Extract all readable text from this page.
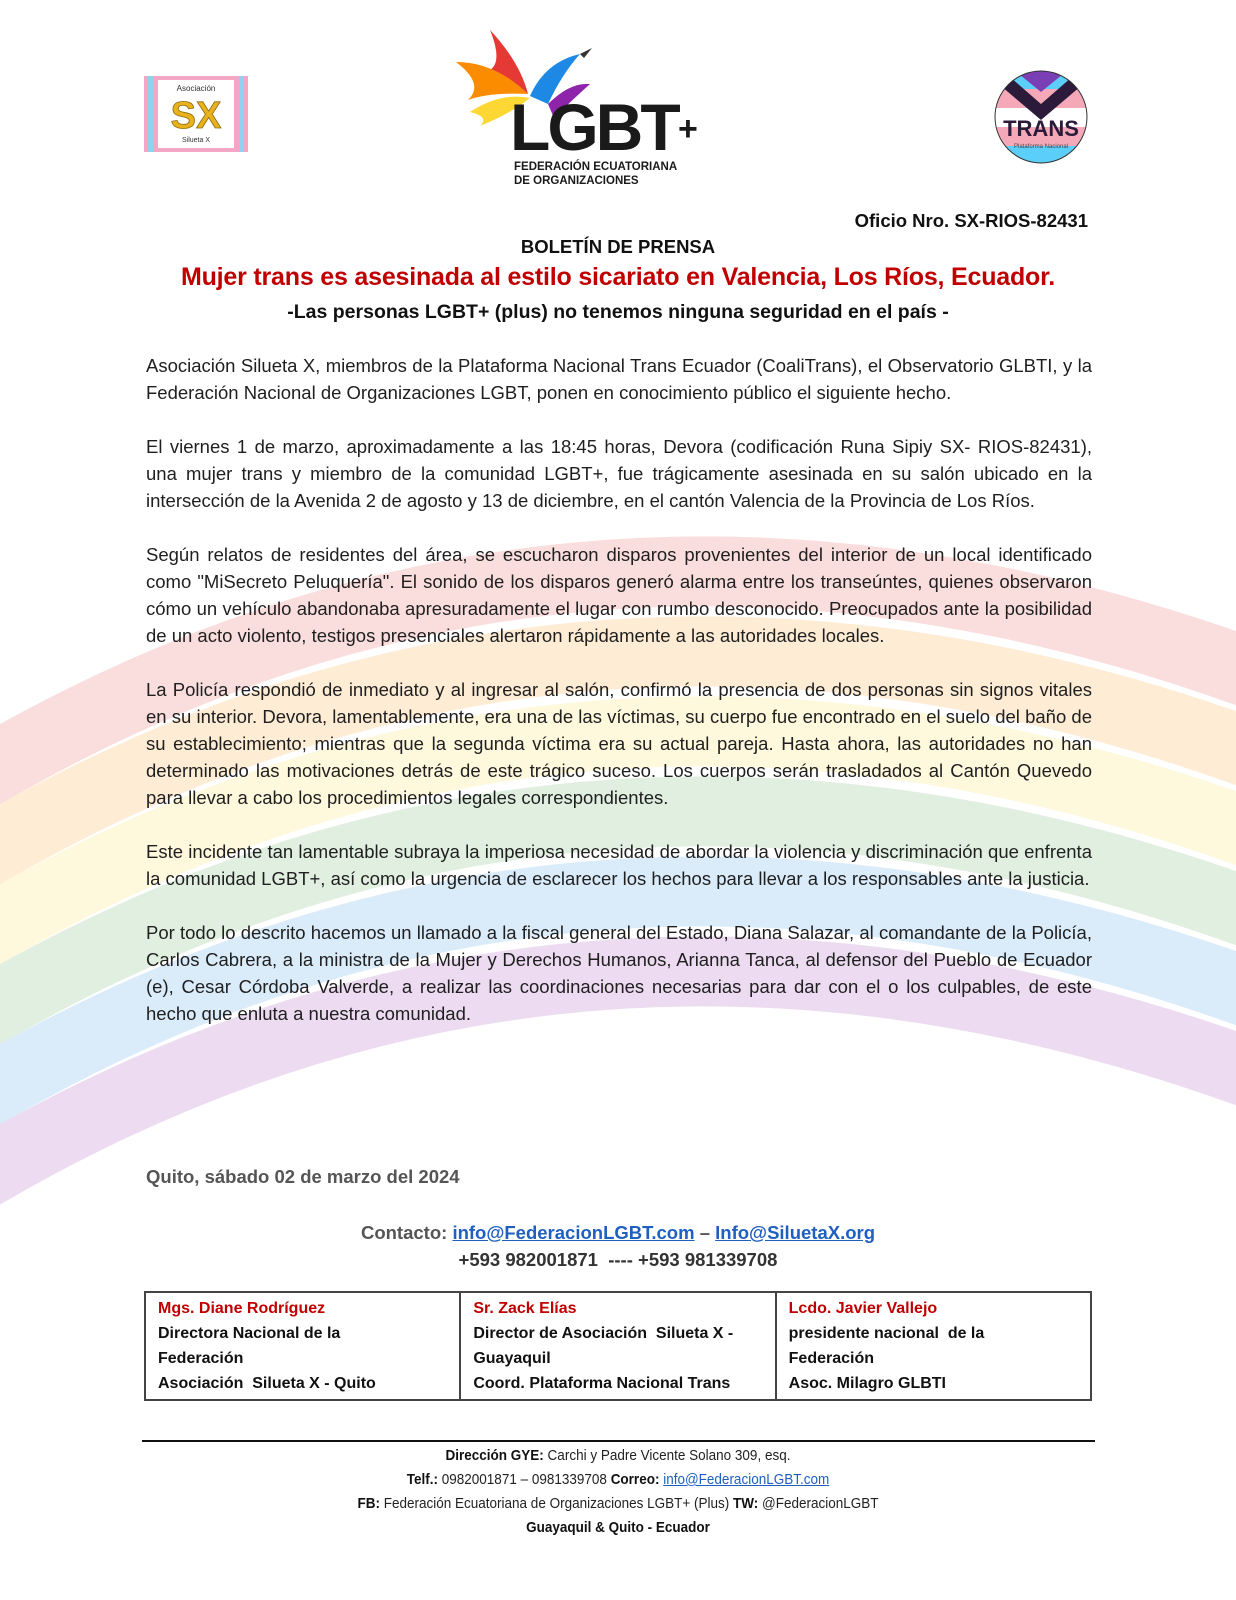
Asociación
SX
Silueta X	LGBT +
FEDERACIÓN ECUATORIANA
DE ORGANIZACIONES
TRANS
Plataforma Nacional
Oficio Nro. SX-RIOS-82431
BOLETÍN DE PRENSA
Mujer trans es asesinada al estilo sicariato en Valencia, Los Ríos, Ecuador.
-Las personas LGBT+ (plus) no tenemos ninguna seguridad en el país -

Asociación Silueta X, miembros de la Plataforma Nacional Trans Ecuador (CoaliTrans), el Observatorio GLBTI, y la Federación Nacional de Organizaciones LGBT, ponen en conocimiento público el siguiente hecho.

El viernes 1 de marzo, aproximadamente a las 18:45 horas, Devora (codificación Runa Sipiy SX- RIOS-82431), una mujer trans y miembro de la comunidad LGBT+, fue trágicamente asesinada en su salón ubicado en la intersección de la Avenida 2 de agosto y 13 de diciembre, en el cantón Valencia de la Provincia de Los Ríos.

Según relatos de residentes del área, se escucharon disparos provenientes del interior de un local identificado como "MiSecreto Peluquería". El sonido de los disparos generó alarma entre los transeúntes, quienes observaron cómo un vehículo abandonaba apresuradamente el lugar con rumbo desconocido. Preocupados ante la posibilidad de un acto violento, testigos presenciales alertaron rápidamente a las autoridades locales.

La Policía respondió de inmediato y al ingresar al salón, confirmó la presencia de dos personas sin signos vitales en su interior. Devora, lamentablemente, era una de las víctimas, su cuerpo fue encontrado en el suelo del baño de su establecimiento; mientras que la segunda víctima era su actual pareja. Hasta ahora, las autoridades no han determinado las motivaciones detrás de este trágico suceso. Los cuerpos serán trasladados al Cantón Quevedo para llevar a cabo los procedimientos legales correspondientes.

Este incidente tan lamentable subraya la imperiosa necesidad de abordar la violencia y discriminación que enfrenta la comunidad LGBT+, así como la urgencia de esclarecer los hechos para llevar a los responsables ante la justicia.

Por todo lo descrito hacemos un llamado a la fiscal general del Estado, Diana Salazar, al comandante de la Policía, Carlos Cabrera, a la ministra de la Mujer y Derechos Humanos, Arianna Tanca, al defensor del Pueblo de Ecuador (e), Cesar Córdoba Valverde, a realizar las coordinaciones necesarias para dar con el o los culpables, de este hecho que enluta a nuestra comunidad.

Quito, sábado 02 de marzo del 2024
Contacto: info@FederacionLGBT.com – Info@SiluetaX.org
+593 982001871  ---- +593 981339708
Mgs. Diane Rodríguez
Directora Nacional de la
Federación
Asociación  Silueta X - Quito

Sr. Zack Elías
Director de Asociación  Silueta X -
Guayaquil
Coord. Plataforma Nacional Trans

Lcdo. Javier Vallejo
presidente nacional  de la
Federación
Asoc. Milagro GLBTI
Dirección GYE: Carchi y Padre Vicente Solano 309, esq.
Telf.: 0982001871 – 0981339708 Correo: info@FederacionLGBT.com
FB: Federación Ecuatoriana de Organizaciones LGBT+ (Plus) TW: @FederacionLGBT
Guayaquil & Quito - Ecuador
